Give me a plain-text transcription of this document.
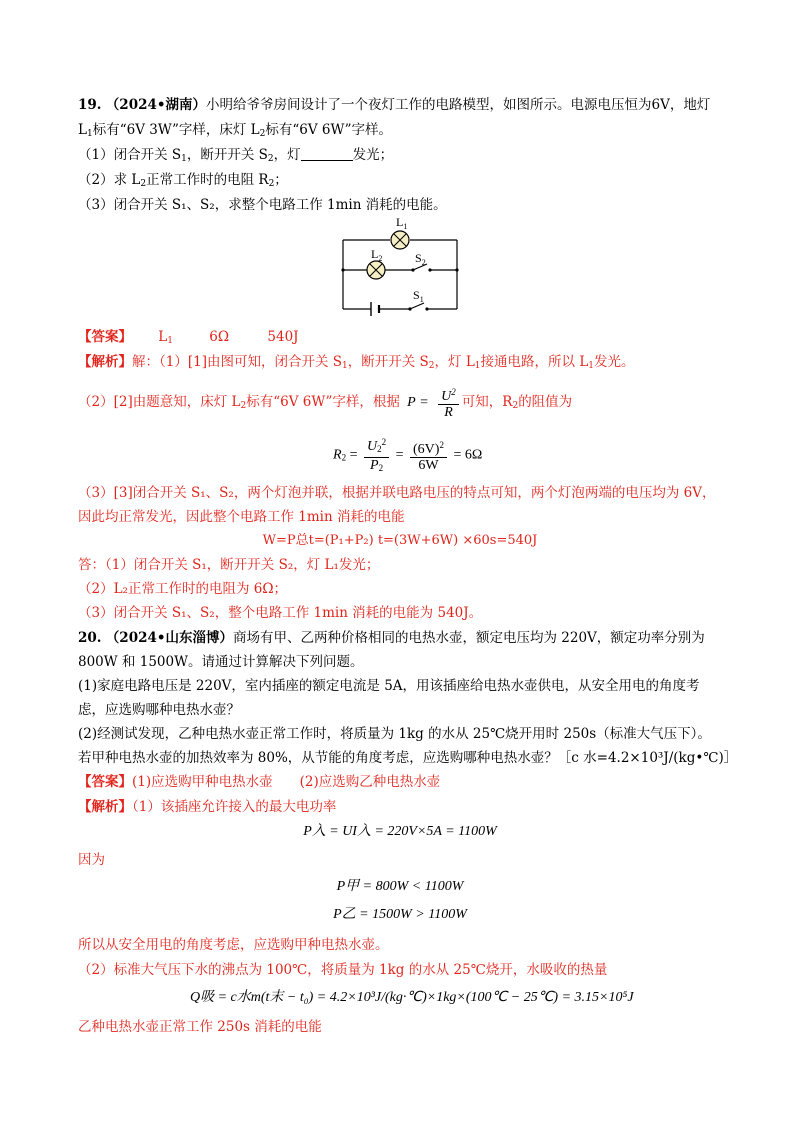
19. （2024•湖南）小明给爷爷房间设计了一个夜灯工作的电路模型，如图所示。电源电压恒为6V，地灯
$L_1$标有“6V 3W”字样，床灯 $L_2$标有“6V 6W”字样。
（1）闭合开关 $S_1$，断开开关 $S_2$，灯	发光；
（2）求 $L_2$正常工作时的电阻 $R_2$；
（3）闭合开关 S₁、S₂，求整个电路工作 1min 消耗的电能。
$L_1$
$L_2$	$S_2$
$S_1$
【答案】 $L_1$	6Ω	540J
【解析】解：（1）[1]由图可知，闭合开关 $S_1$，断开开关 $S_2$，灯 $L_1$接通电路，所以 $L_1$发光。
（2）[2]由题意知，床灯 $L_2$标有“6V 6W”字样，根据 $P = \frac{U^2}{R}$ 可知，$R_2$的阻值为
$R_2 = \frac{U_2^2}{P_2} = \frac{(6V)^2}{6W} = 6\Omega$
（3）[3]闭合开关 S₁、S₂，两个灯泡并联，根据并联电路电压的特点可知，两个灯泡两端的电压均为 6V，
因此均正常发光，因此整个电路工作 1min 消耗的电能
W=P总t=(P₁+P₂) t=(3W+6W) ×60s=540J
答：（1）闭合开关 S₁，断开开关 S₂，灯 L₁发光；
（2）L₂正常工作时的电阻为 6Ω；
（3）闭合开关 S₁、S₂，整个电路工作 1min 消耗的电能为 540J。
20. （2024•山东淄博）商场有甲、乙两种价格相同的电热水壶，额定电压均为 220V，额定功率分别为
800W 和 1500W。请通过计算解决下列问题。
(1)家庭电路电压是 220V，室内插座的额定电流是 5A，用该插座给电热水壶供电，从安全用电的角度考
虑，应选购哪种电热水壶？
(2)经测试发现，乙种电热水壶正常工作时，将质量为 1kg 的水从 25℃烧开用时 250s（标准大气压下）。
若甲种电热水壶的加热效率为 80%，从节能的角度考虑，应选购哪种电热水壶？［c 水=4.2×10³J/(kg•℃)］
【答案】(1)应选购甲种电热水壶　　(2)应选购乙种电热水壶
【解析】（1）该插座允许接入的最大电功率
P入 = UI入 = 220V×5A = 1100W
因为
P甲 = 800W < 1100W
P乙 = 1500W > 1100W
所以从安全用电的角度考虑，应选购甲种电热水壶。
（2）标准大气压下水的沸点为 100℃，将质量为 1kg 的水从 25℃烧开，水吸收的热量
Q吸 = c水m(t末 − t₀) = 4.2×10³J/(kg·℃)×1kg×(100℃ − 25℃) = 3.15×10⁵J
乙种电热水壶正常工作 250s 消耗的电能
